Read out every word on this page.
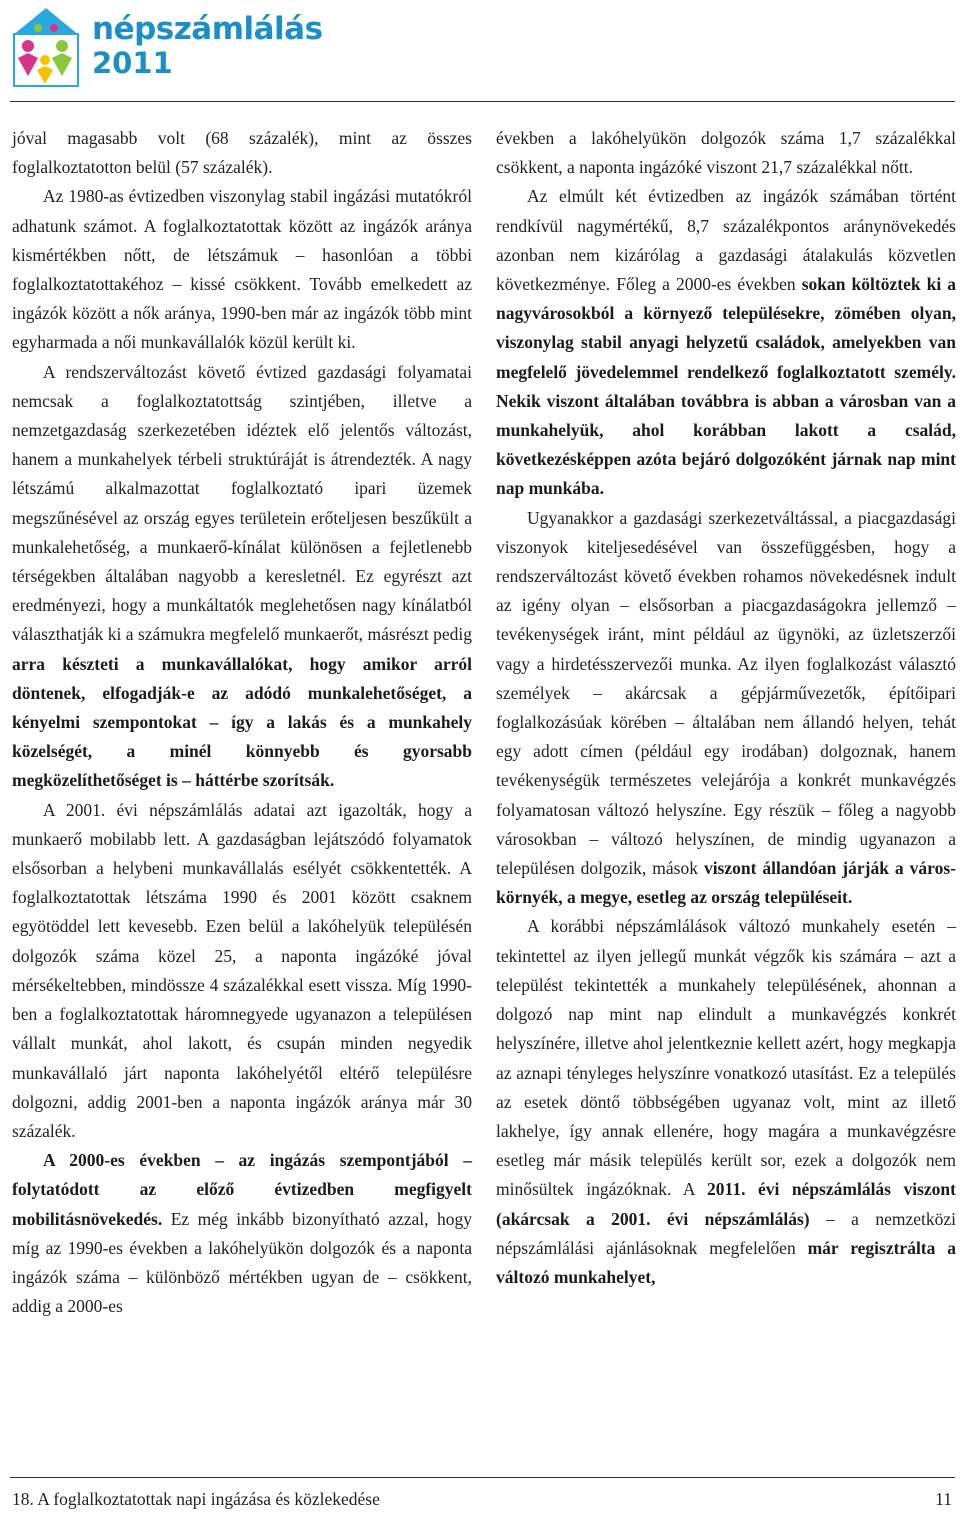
népszámlálás
2011

jóval magasabb volt (68 százalék), mint az összes foglalkoztatotton belül (57 százalék).

Az 1980-as évtizedben viszonylag stabil ingázási mutatókról adhatunk számot. A foglalkoztatottak között az ingázók aránya kismértékben nőtt, de létszámuk – hasonlóan a többi foglalkoztatottakéhoz – kissé csökkent. Tovább emelkedett az ingázók között a nők aránya, 1990-ben már az ingázók több mint egyharmada a női munkavállalók közül került ki.

A rendszerváltozást követő évtized gazdasági folyamatai nemcsak a foglalkoztatottság szintjében, illetve a nemzetgazdaság szerkezetében idéztek elő jelentős változást, hanem a munkahelyek térbeli struktúráját is átrendezték. A nagy létszámú alkalmazottat foglalkoztató ipari üzemek megszűnésével az ország egyes területein erőteljesen beszűkült a munkalehetőség, a munkaerő-kínálat különösen a fejletlenebb térségekben általában nagyobb a keresletnél. Ez egyrészt azt eredményezi, hogy a munkáltatók meglehetősen nagy kínálatból választhatják ki a számukra megfelelő munkaerőt, másrészt pedig arra készteti a munkavállalókat, hogy amikor arról döntenek, elfogadják-e az adódó munkalehetőséget, a kényelmi szempontokat – így a lakás és a munkahely közelségét, a minél könnyebb és gyorsabb megközelíthetőséget is – háttérbe szorítsák.

A 2001. évi népszámlálás adatai azt igazolták, hogy a munkaerő mobilabb lett. A gazdaságban lejátszódó folyamatok elsősorban a helybeni munkavállalás esélyét csökkentették. A foglalkoztatottak létszáma 1990 és 2001 között csaknem egyötöddel lett kevesebb. Ezen belül a lakóhelyük településén dolgozók száma közel 25, a naponta ingázóké jóval mérsékeltebben, mindössze 4 százalékkal esett vissza. Míg 1990-ben a foglalkoztatottak háromnegyede ugyanazon a településen vállalt munkát, ahol lakott, és csupán minden negyedik munkavállaló járt naponta lakóhelyétől eltérő településre dolgozni, addig 2001-ben a naponta ingázók aránya már 30 százalék.

A 2000-es években – az ingázás szempontjából – folytatódott az előző évtizedben megfigyelt mobilitásnövekedés. Ez még inkább bizonyítható azzal, hogy míg az 1990-es években a lakóhelyükön dolgozók és a naponta ingázók száma – különböző mértékben ugyan de – csökkent, addig a 2000-es

években a lakóhelyükön dolgozók száma 1,7 százalékkal csökkent, a naponta ingázóké viszont 21,7 százalékkal nőtt.

Az elmúlt két évtizedben az ingázók számában történt rendkívül nagymértékű, 8,7 százalékpontos aránynövekedés azonban nem kizárólag a gazdasági átalakulás közvetlen következménye. Főleg a 2000-es években sokan költöztek ki a nagyvárosokból a környező településekre, zömében olyan, viszonylag stabil anyagi helyzetű családok, amelyekben van megfelelő jövedelemmel rendelkező foglalkoztatott személy. Nekik viszont általában továbbra is abban a városban van a munkahelyük, ahol korábban lakott a család, következésképpen azóta bejáró dolgozóként járnak nap mint nap munkába.

Ugyanakkor a gazdasági szerkezetváltással, a piacgazdasági viszonyok kiteljesedésével van összefüggésben, hogy a rendszerváltozást követő években rohamos növekedésnek indult az igény olyan – elsősorban a piacgazdaságokra jellemző – tevékenységek iránt, mint például az ügynöki, az üzletszerzői vagy a hirdetésszervezői munka. Az ilyen foglalkozást választó személyek – akárcsak a gépjárművezetők, építőipari foglalkozásúak körében – általában nem állandó helyen, tehát egy adott címen (például egy irodában) dolgoznak, hanem tevékenységük természetes velejárója a konkrét munkavégzés folyamatosan változó helyszíne. Egy részük – főleg a nagyobb városokban – változó helyszínen, de mindig ugyanazon a településen dolgozik, mások viszont állandóan járják a városkörnyék, a megye, esetleg az ország településeit.

A korábbi népszámlálások változó munkahely esetén – tekintettel az ilyen jellegű munkát végzők kis számára – azt a települést tekintették a munkahely településének, ahonnan a dolgozó nap mint nap elindult a munkavégzés konkrét helyszínére, illetve ahol jelentkeznie kellett azért, hogy megkapja az aznapi tényleges helyszínre vonatkozó utasítást. Ez a település az esetek döntő többségében ugyanaz volt, mint az illető lakhelye, így annak ellenére, hogy magára a munkavégzésre esetleg már másik település került sor, ezek a dolgozók nem minősültek ingázóknak. A 2011. évi népszámlálás viszont (akárcsak a 2001. évi népszámlálás) – a nemzetközi népszámlálási ajánlásoknak megfelelően már regisztrálta a változó munkahelyet,

18. A foglalkoztatottak napi ingázása és közlekedése	11
